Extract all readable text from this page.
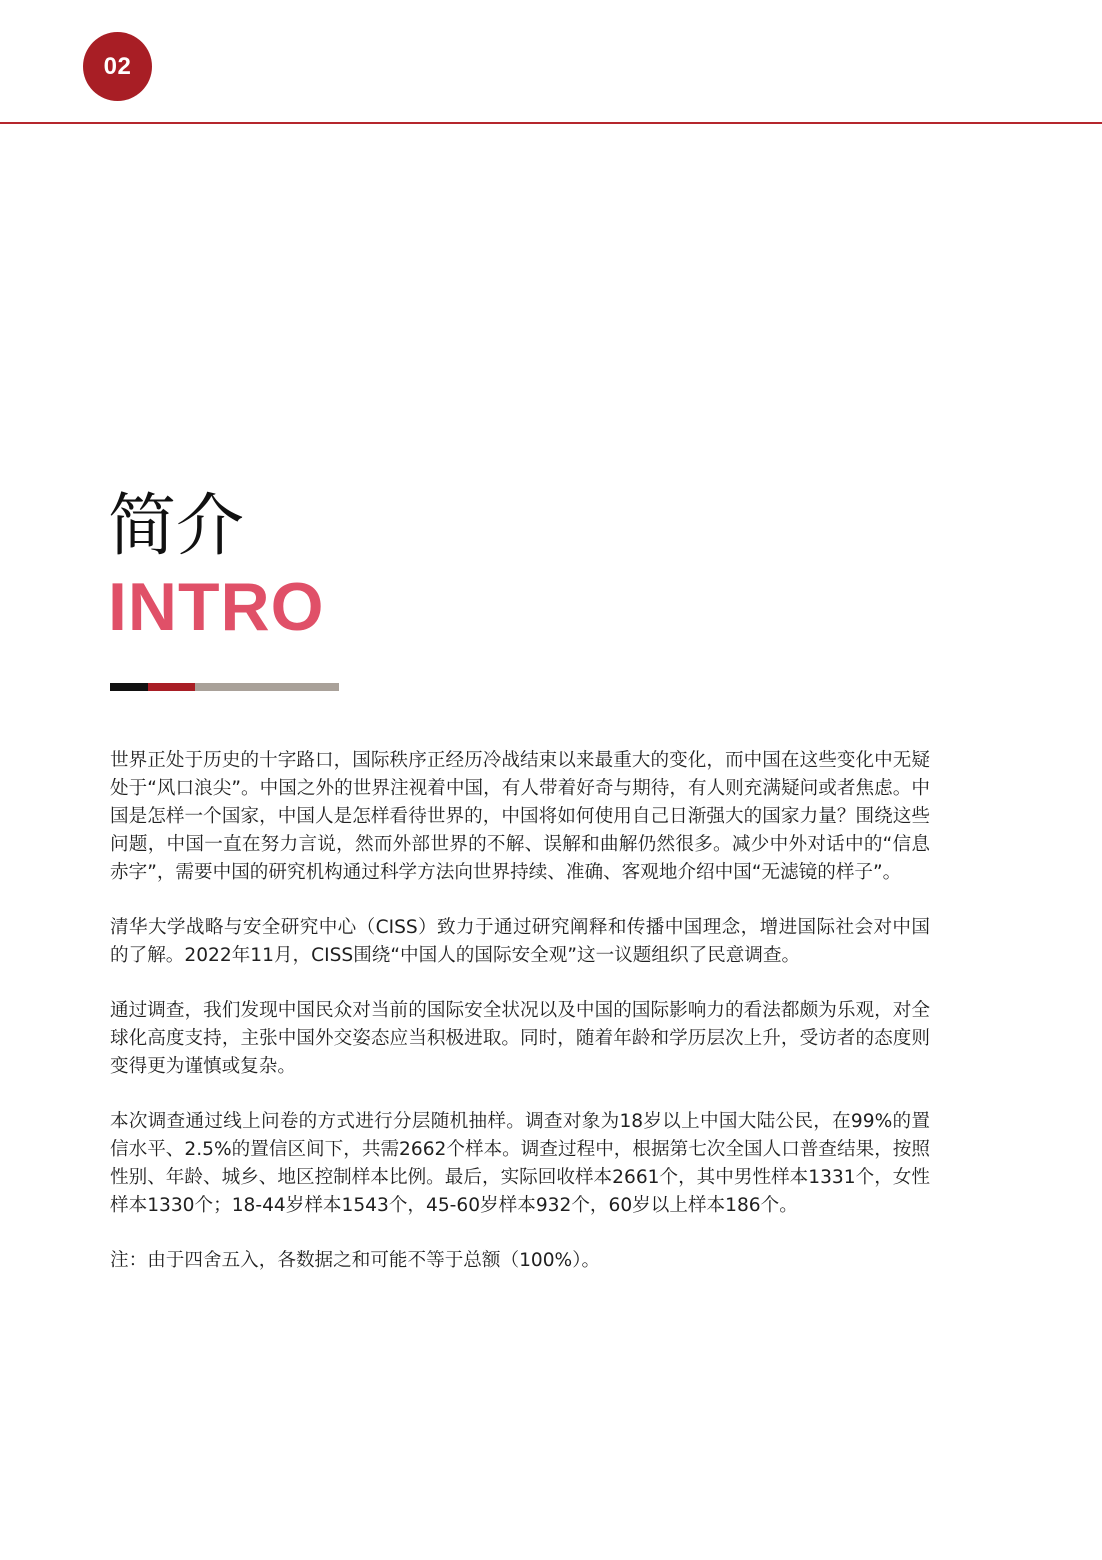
02
简介
INTRO

世界正处于历史的十字路口，国际秩序正经历冷战结束以来最重大的变化，而中国在这些变化中无疑处于“风口浪尖”。中国之外的世界注视着中国，有人带着好奇与期待，有人则充满疑问或者焦虑。中国是怎样一个国家，中国人是怎样看待世界的，中国将如何使用自己日渐强大的国家力量？围绕这些问题，中国一直在努力言说，然而外部世界的不解、误解和曲解仍然很多。减少中外对话中的“信息赤字”，需要中国的研究机构通过科学方法向世界持续、准确、客观地介绍中国“无滤镜的样子”。

清华大学战略与安全研究中心（CISS）致力于通过研究阐释和传播中国理念，增进国际社会对中国的了解。2022年11月，CISS围绕“中国人的国际安全观”这一议题组织了民意调查。

通过调查，我们发现中国民众对当前的国际安全状况以及中国的国际影响力的看法都颇为乐观，对全球化高度支持，主张中国外交姿态应当积极进取。同时，随着年龄和学历层次上升，受访者的态度则变得更为谨慎或复杂。

本次调查通过线上问卷的方式进行分层随机抽样。调查对象为18岁以上中国大陆公民，在99%的置信水平、2.5%的置信区间下，共需2662个样本。调查过程中，根据第七次全国人口普查结果，按照性别、年龄、城乡、地区控制样本比例。最后，实际回收样本2661个，其中男性样本1331个，女性样本1330个；18-44岁样本1543个，45-60岁样本932个，60岁以上样本186个。

注：由于四舍五入，各数据之和可能不等于总额（100%）。
